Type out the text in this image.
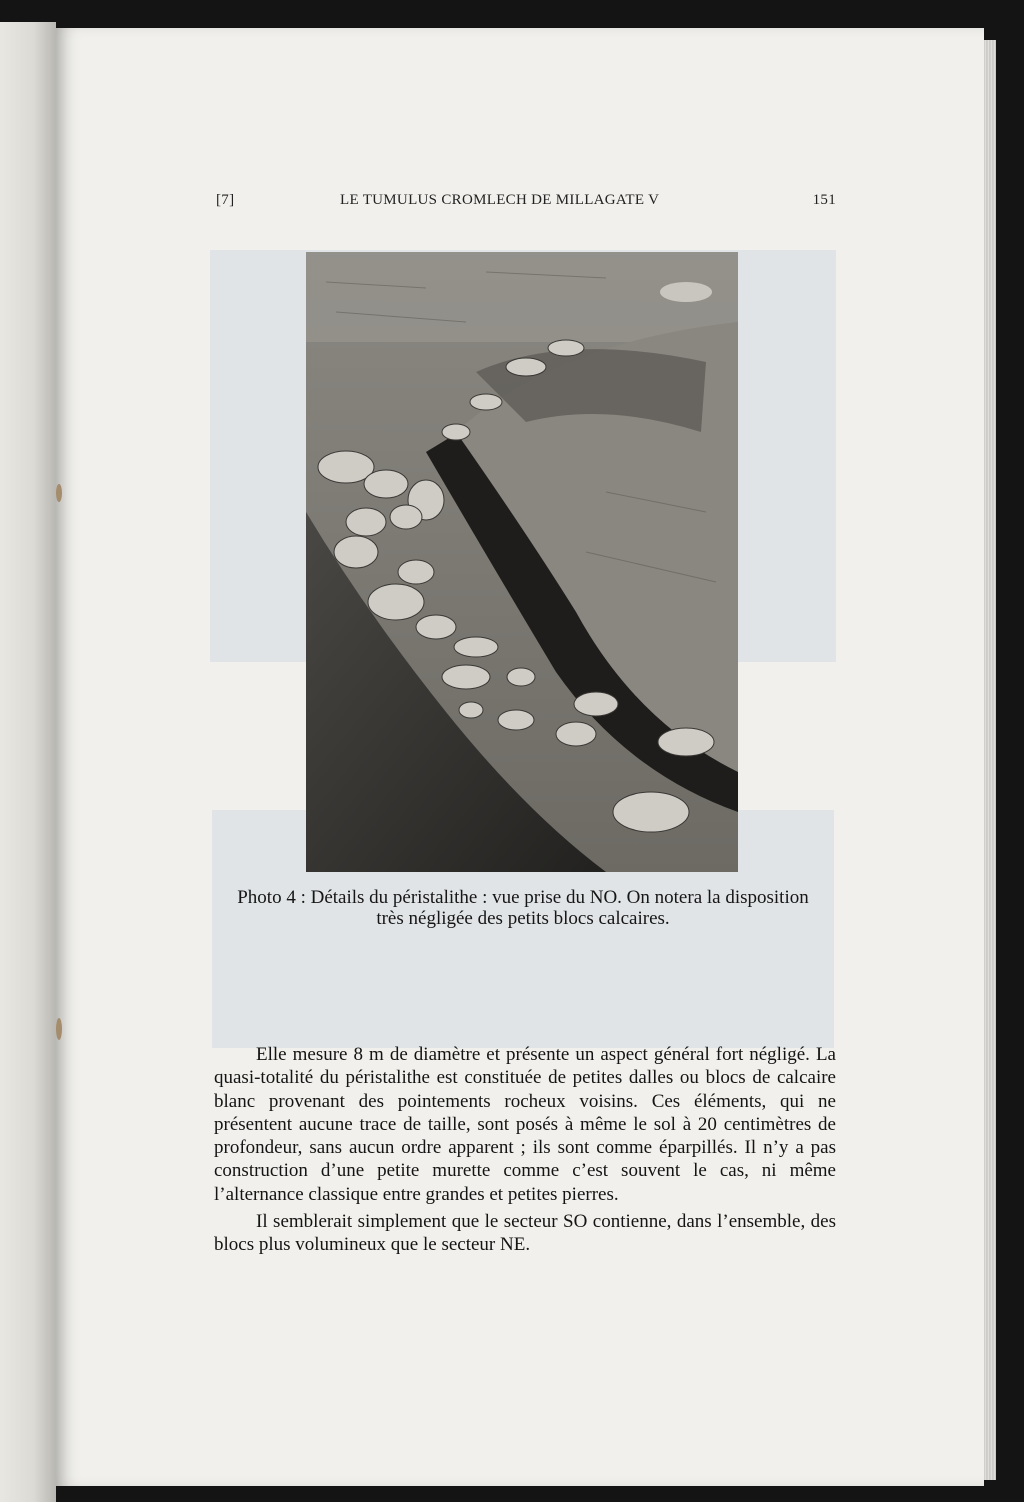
[7]	LE TUMULUS CROMLECH DE MILLAGATE V	151
Photo 4 : Détails du péristalithe : vue prise du NO. On notera la disposition
très négligée des petits blocs calcaires.

Elle mesure 8 m de diamètre et présente un aspect général fort négligé. La quasi-totalité du péristalithe est constituée de petites dalles ou blocs de calcaire blanc provenant des pointements rocheux voisins. Ces éléments, qui ne présentent aucune trace de taille, sont posés à même le sol à 20 centimètres de profondeur, sans aucun ordre apparent ; ils sont comme éparpillés. Il n’y a pas construction d’une petite murette comme c’est souvent le cas, ni même l’alternance classique entre grandes et petites pierres.

Il semblerait simplement que le secteur SO contienne, dans l’ensemble, des blocs plus volumineux que le secteur NE.
